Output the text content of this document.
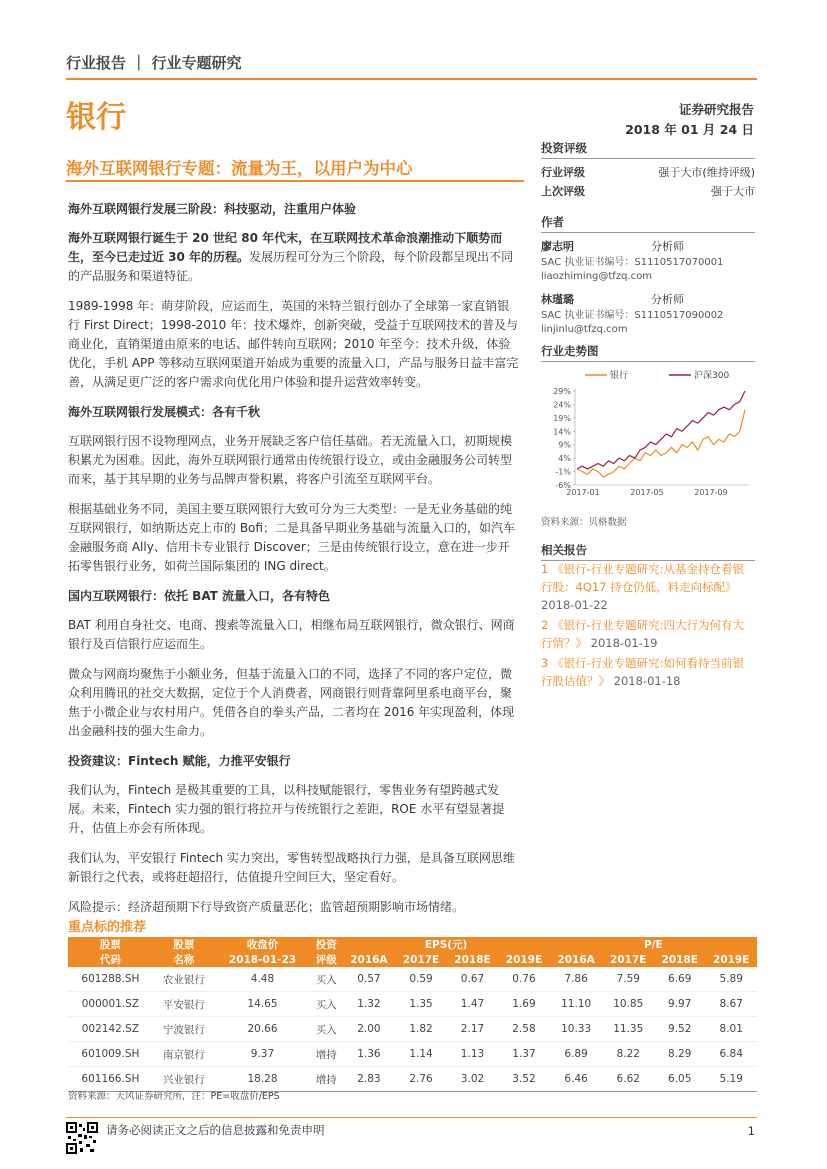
行业报告 ｜ 行业专题研究
银行	证券研究报告
2018 年 01 月 24 日
海外互联网银行专题：流量为王，以用户为中心

海外互联网银行发展三阶段：科技驱动，注重用户体验

海外互联网银行诞生于 20 世纪 80 年代末，在互联网技术革命浪潮推动下顺势而生，至今已走过近 30 年的历程。发展历程可分为三个阶段，每个阶段都呈现出不同的产品服务和渠道特征。

1989-1998 年：萌芽阶段，应运而生，英国的米特兰银行创办了全球第一家直销银行 First Direct；1998-2010 年：技术爆炸，创新突破，受益于互联网技术的普及与商业化，直销渠道由原来的电话、邮件转向互联网；2010 年至今：技术升级，体验优化，手机 APP 等移动互联网渠道开始成为重要的流量入口，产品与服务日益丰富完善，从满足更广泛的客户需求向优化用户体验和提升运营效率转变。

海外互联网银行发展模式：各有千秋

互联网银行因不设物理网点，业务开展缺乏客户信任基础。若无流量入口，初期规模积累尤为困难。因此，海外互联网银行通常由传统银行设立，或由金融服务公司转型而来，基于其早期的业务与品牌声誉积累，将客户引流至互联网平台。

根据基础业务不同，美国主要互联网银行大致可分为三大类型：一是无业务基础的纯互联网银行，如纳斯达克上市的 Bofi；二是具备早期业务基础与流量入口的，如汽车金融服务商 Ally、信用卡专业银行 Discover；三是由传统银行设立，意在进一步开拓零售银行业务，如荷兰国际集团的 ING direct。

国内互联网银行：依托 BAT 流量入口，各有特色

BAT 利用自身社交、电商、搜索等流量入口，相继布局互联网银行，微众银行、网商银行及百信银行应运而生。

微众与网商均聚焦于小额业务，但基于流量入口的不同，选择了不同的客户定位，微众利用腾讯的社交大数据，定位于个人消费者，网商银行则背靠阿里系电商平台，聚焦于小微企业与农村用户。凭借各自的拳头产品，二者均在 2016 年实现盈利，体现出金融科技的强大生命力。

投资建议：Fintech 赋能，力推平安银行

我们认为，Fintech 是极其重要的工具，以科技赋能银行，零售业务有望跨越式发展。未来，Fintech 实力强的银行将拉开与传统银行之差距，ROE 水平有望显著提升，估值上亦会有所体现。

我们认为，平安银行 Fintech 实力突出，零售转型战略执行力强，是具备互联网思维新银行之代表，或将赶超招行，估值提升空间巨大，坚定看好。

风险提示：经济超预期下行导致资产质量恶化；监管超预期影响市场情绪。

投资评级
行业评级	强于大市(维持评级)
上次评级	强于大市
作者
廖志明	分析师
SAC 执业证书编号：S1110517070001
liaozhiming@tfzq.com
林瑾璐	分析师
SAC 执业证书编号：S1110517090002
linjinlu@tfzq.com
行业走势图
29%
24%
19%
14%
9%
4%
-1%
-6%
2017-01	2017-05	2017-09
银行	沪深300
资料来源：贝格数据
相关报告
1 《银行-行业专题研究:从基金持仓看银行股：4Q17 持仓仍低，料走向标配》 2018-01-22
2 《银行-行业专题研究:四大行为何有大行情？》 2018-01-19
3 《银行-行业专题研究:如何看待当前银行股估值？》 2018-01-18
重点标的推荐
股票	股票	收盘价	投资	EPS(元)				P/E			
代码	名称	2018-01-23	评级	2016A	2017E	2018E	2019E	2016A	2017E	2018E	2019E
601288.SH	农业银行	4.48	买入	0.57	0.59	0.67	0.76	7.86	7.59	6.69	5.89
000001.SZ	平安银行	14.65	买入	1.32	1.35	1.47	1.69	11.10	10.85	9.97	8.67
002142.SZ	宁波银行	20.66	买入	2.00	1.82	2.17	2.58	10.33	11.35	9.52	8.01
601009.SH	南京银行	9.37	增持	1.36	1.14	1.13	1.37	6.89	8.22	8.29	6.84
601166.SH	兴业银行	18.28	增持	2.83	2.76	3.02	3.52	6.46	6.62	6.05	5.19
资料来源：天风证券研究所，注：PE=收盘价/EPS
请务必阅读正文之后的信息披露和免责申明	1
